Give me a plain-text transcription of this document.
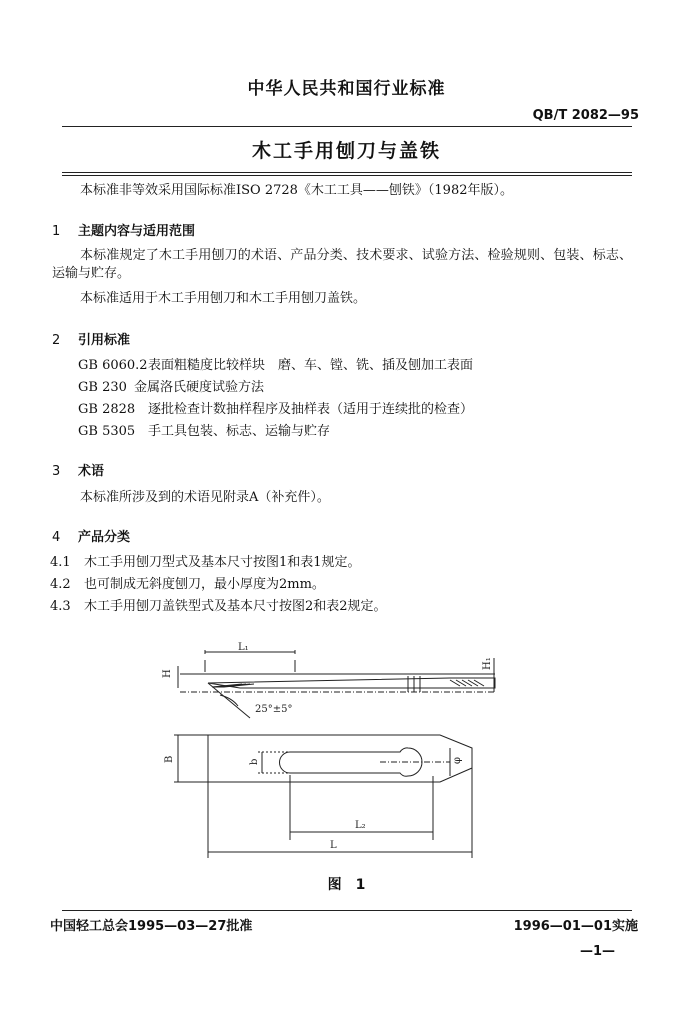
中华人民共和国行业标准
QB/T 2082—95
木工手用刨刀与盖铁
本标准非等效采用国际标准ISO 2728《木工工具——刨铁》（1982年版）。
1 主题内容与适用范围
本标准规定了木工手用刨刀的术语、产品分类、技术要求、试验方法、检验规则、包装、标志、运输与贮存。
本标准适用于木工手用刨刀和木工手用刨刀盖铁。
2 引用标准
GB 6060.2表面粗糙度比较样块　磨、车、镗、铣、插及刨加工表面
GB 230 金属洛氏硬度试验方法
GB 2828 逐批检查计数抽样程序及抽样表（适用于连续批的检查）
GB 5305 手工具包装、标志、运输与贮存
3 术语
本标准所涉及到的术语见附录A（补充件）。
4 产品分类
4.1 木工手用刨刀型式及基本尺寸按图1和表1规定。
4.2 也可制成无斜度刨刀，最小厚度为2mm。
4.3 木工手用刨刀盖铁型式及基本尺寸按图2和表2规定。
L₁
25°±5°
H
H₁
B	b	φ
L₂
L
图　1
中国轻工总会1995—03—27批准	1996—01—01实施
—1—
